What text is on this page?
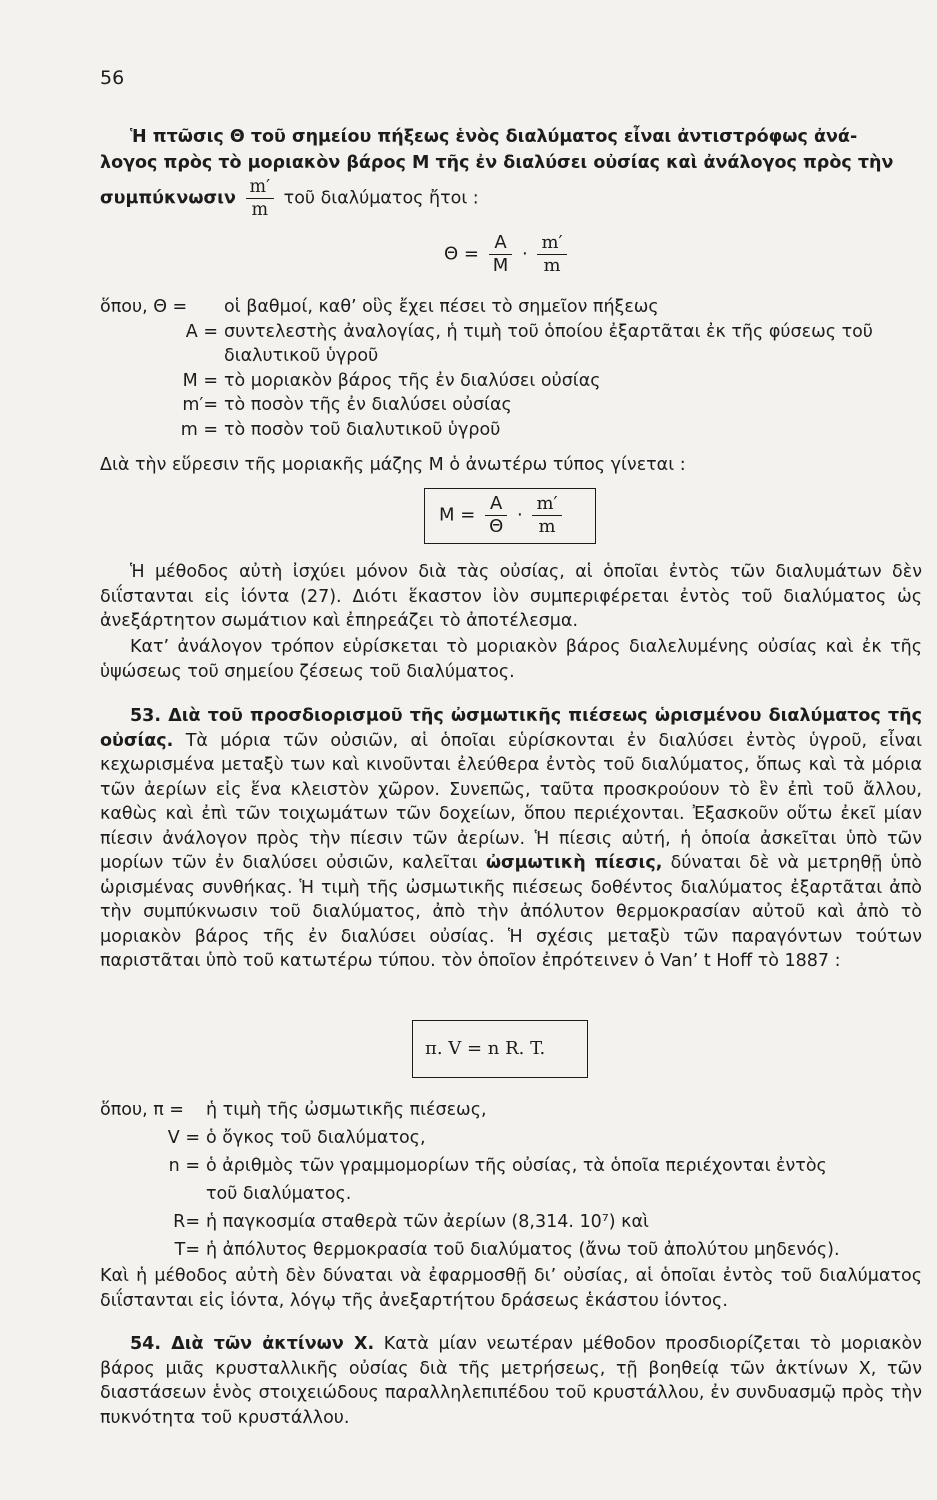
56
Ἡ πτῶσις Θ τοῦ σημείου πήξεως ἑνὸς διαλύματος εἶναι ἀντιστρόφως ἀνά-
λογος πρὸς τὸ μοριακὸν βάρος Μ τῆς ἐν διαλύσει οὐσίας καὶ ἀνάλογος πρὸς τὴν
συμπύκνωσιν $\frac{m'}{m}$ τοῦ διαλύματος ἤτοι :
$\Theta = \frac{A}{M} \cdot \frac{m'}{m}$
ὅπου, Θ =	οἱ βαθμοί, καθ’ οὓς ἔχει πέσει τὸ σημεῖον πήξεως
Α = συντελεστὴς ἀναλογίας, ἡ τιμὴ τοῦ ὁποίου ἐξαρτᾶται ἐκ τῆς φύσεως τοῦ
διαλυτικοῦ ὑγροῦ
Μ = τὸ μοριακὸν βάρος τῆς ἐν διαλύσει οὐσίας
m′= τὸ ποσὸν τῆς ἐν διαλύσει οὐσίας
m = τὸ ποσὸν τοῦ διαλυτικοῦ ὑγροῦ
Διὰ τὴν εὕρεσιν τῆς μοριακῆς μάζης Μ ὁ ἀνωτέρω τύπος γίνεται :
$M = \frac{A}{\Theta} \cdot \frac{m'}{m}$
Ἡ μέθοδος αὐτὴ ἰσχύει μόνον διὰ τὰς οὐσίας, αἱ ὁποῖαι ἐντὸς τῶν διαλυμάτων δὲν διΐστανται εἰς ἰόντα (27). Διότι ἕκαστον ἰὸν συμπεριφέρεται ἐντὸς τοῦ διαλύματος ὡς ἀνεξάρτητον σωμάτιον καὶ ἐπηρεάζει τὸ ἀποτέλεσμα.
Κατ’ ἀνάλογον τρόπον εὑρίσκεται τὸ μοριακὸν βάρος διαλελυμένης οὐσίας καὶ ἐκ τῆς ὑψώσεως τοῦ σημείου ζέσεως τοῦ διαλύματος.
53. Διὰ τοῦ προσδιορισμοῦ τῆς ὠσμωτικῆς πιέσεως ὡρισμένου διαλύματος τῆς οὐσίας. Τὰ μόρια τῶν οὐσιῶν, αἱ ὁποῖαι εὑρίσκονται ἐν διαλύσει ἐντὸς ὑγροῦ, εἶναι κεχωρισμένα μεταξὺ των καὶ κινοῦνται ἐλεύθερα ἐντὸς τοῦ διαλύματος, ὅπως καὶ τὰ μόρια τῶν ἀερίων εἰς ἕνα κλειστὸν χῶρον. Συνεπῶς, ταῦτα προσκρούουν τὸ ἓν ἐπὶ τοῦ ἄλλου, καθὼς καὶ ἐπὶ τῶν τοιχωμάτων τῶν δοχείων, ὅπου περιέχονται. Ἐξασκοῦν οὕτω ἐκεῖ μίαν πίεσιν ἀνάλογον πρὸς τὴν πίεσιν τῶν ἀερίων. Ἡ πίεσις αὐτή, ἡ ὁποία ἀσκεῖται ὑπὸ τῶν μορίων τῶν ἐν διαλύσει οὐσιῶν, καλεῖται ὠσμωτικὴ πίεσις, δύναται δὲ νὰ μετρηθῇ ὑπὸ ὡρισμένας συνθήκας. Ἡ τιμὴ τῆς ὠσμωτικῆς πιέσεως δοθέντος διαλύματος ἐξαρτᾶται ἀπὸ τὴν συμπύκνωσιν τοῦ διαλύματος, ἀπὸ τὴν ἀπόλυτον θερμοκρασίαν αὐτοῦ καὶ ἀπὸ τὸ μοριακὸν βάρος τῆς ἐν διαλύσει οὐσίας. Ἡ σχέσις μεταξὺ τῶν παραγόντων τούτων παριστᾶται ὑπὸ τοῦ κατωτέρω τύπου. τὸν ὁποῖον ἐπρότεινεν ὁ Van’ t Hoff τὸ 1887 :
π. V = n R. T.
ὅπου, π =	ἡ τιμὴ τῆς ὠσμωτικῆς πιέσεως,
V = ὁ ὄγκος τοῦ διαλύματος,
n = ὁ ἀριθμὸς τῶν γραμμομορίων τῆς οὐσίας, τὰ ὁποῖα περιέχονται ἐντὸς
τοῦ διαλύματος.
R= ἡ παγκοσμία σταθερὰ τῶν ἀερίων (8,314. 10⁷) καὶ
T= ἡ ἀπόλυτος θερμοκρασία τοῦ διαλύματος (ἄνω τοῦ ἀπολύτου μηδενός).
Καὶ ἡ μέθοδος αὐτὴ δὲν δύναται νὰ ἐφαρμοσθῇ δι’ οὐσίας, αἱ ὁποῖαι ἐντὸς τοῦ διαλύματος διΐστανται εἰς ἰόντα, λόγῳ τῆς ἀνεξαρτήτου δράσεως ἑκάστου ἰόντος.
54. Διὰ τῶν ἀκτίνων Χ. Κατὰ μίαν νεωτέραν μέθοδον προσδιορίζεται τὸ μοριακὸν βάρος μιᾶς κρυσταλλικῆς οὐσίας διὰ τῆς μετρήσεως, τῇ βοηθείᾳ τῶν ἀκτίνων Χ, τῶν διαστάσεων ἑνὸς στοιχειώδους παραλληλεπιπέδου τοῦ κρυστάλλου, ἐν συνδυασμῷ πρὸς τὴν πυκνότητα τοῦ κρυστάλλου.
